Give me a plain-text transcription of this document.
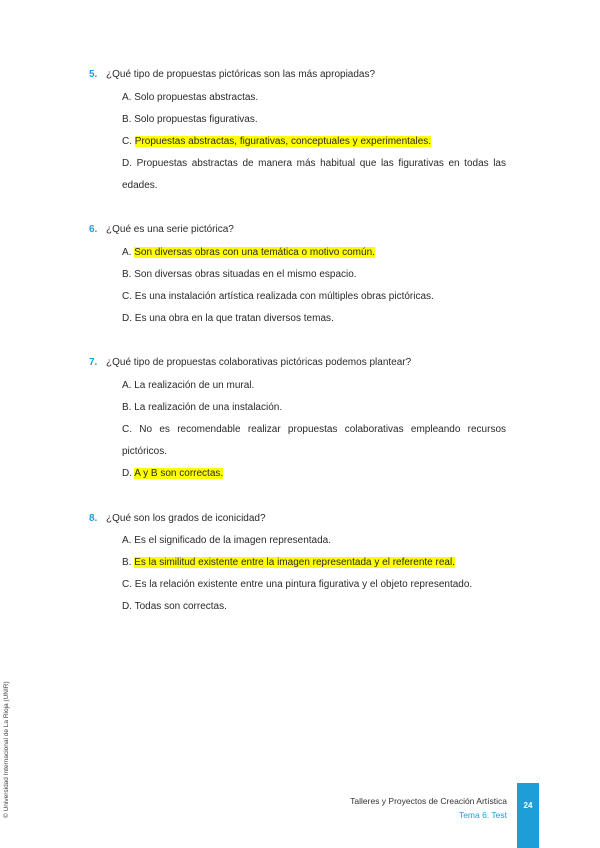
5. ¿Qué tipo de propuestas pictóricas son las más apropiadas?
A. Solo propuestas abstractas.
B. Solo propuestas figurativas.
C. Propuestas abstractas, figurativas, conceptuales y experimentales.
D. Propuestas abstractas de manera más habitual que las figurativas en todas las edades.
6. ¿Qué es una serie pictórica?
A. Son diversas obras con una temática o motivo común.
B. Son diversas obras situadas en el mismo espacio.
C. Es una instalación artística realizada con múltiples obras pictóricas.
D. Es una obra en la que tratan diversos temas.
7. ¿Qué tipo de propuestas colaborativas pictóricas podemos plantear?
A. La realización de un mural.
B. La realización de una instalación.
C. No es recomendable realizar propuestas colaborativas empleando recursos pictóricos.
D. A y B son correctas.
8. ¿Qué son los grados de iconicidad?
A. Es el significado de la imagen representada.
B. Es la similitud existente entre la imagen representada y el referente real.
C. Es la relación existente entre una pintura figurativa y el objeto representado.
D. Todas son correctas.
© Universidad Internacional de La Rioja (UNIR)	Talleres y Proyectos de Creación Artística
Tema 6. Test
24
